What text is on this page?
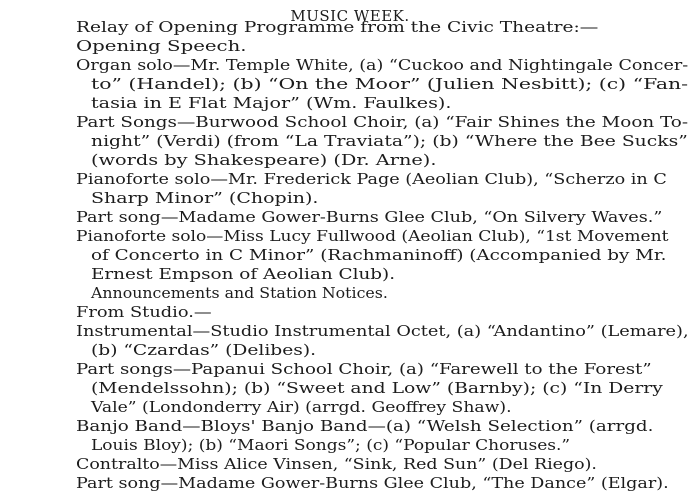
MUSIC WEEK.
Relay of Opening Programme from the Civic Theatre:—
Opening Speech.
Organ solo—Mr. Temple White, (a) “Cuckoo and Nightingale Concer-
to” (Handel); (b) “On the Moor” (Julien Nesbitt); (c) “Fan-
tasia in E Flat Major” (Wm. Faulkes).
Part Songs—Burwood School Choir, (a) “Fair Shines the Moon To-
night” (Verdi) (from “La Traviata”); (b) “Where the Bee Sucks”
(words by Shakespeare) (Dr. Arne).
Pianoforte solo—Mr. Frederick Page (Aeolian Club), “Scherzo in C
Sharp Minor” (Chopin).
Part song—Madame Gower-Burns Glee Club, “On Silvery Waves.”
Pianoforte solo—Miss Lucy Fullwood (Aeolian Club), “1st Movement
of Concerto in C Minor” (Rachmaninoff) (Accompanied by Mr.
Ernest Empson of Aeolian Club).
Announcements and Station Notices.
From Studio.—
Instrumental—Studio Instrumental Octet, (a) “Andantino” (Lemare),
(b) “Czardas” (Delibes).
Part songs—Papanui School Choir, (a) “Farewell to the Forest”
(Mendelssohn); (b) “Sweet and Low” (Barnby); (c) “In Derry
Vale” (Londonderry Air) (arrgd. Geoffrey Shaw).
Banjo Band—Bloys' Banjo Band—(a) “Welsh Selection” (arrgd.
Louis Bloy); (b) “Maori Songs”; (c) “Popular Choruses.”
Contralto—Miss Alice Vinsen, “Sink, Red Sun” (Del Riego).
Part song—Madame Gower-Burns Glee Club, “The Dance” (Elgar).
